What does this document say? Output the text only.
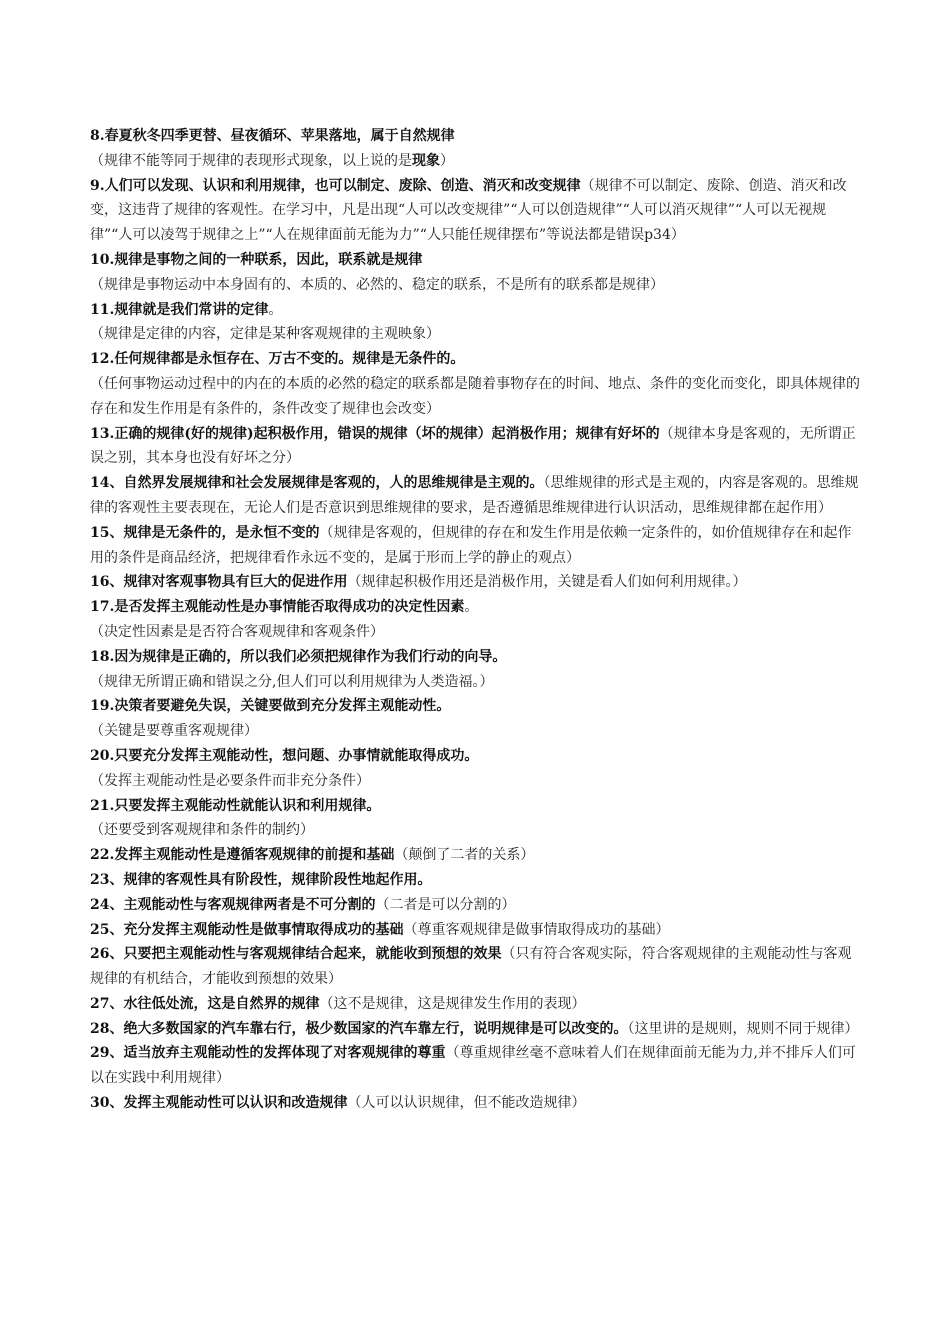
8.春夏秋冬四季更替、昼夜循环、苹果落地，属于自然规律

（规律不能等同于规律的表现形式现象，以上说的是现象）

9.人们可以发现、认识和利用规律，也可以制定、废除、创造、消灭和改变规律（规律不可以制定、废除、创造、消灭和改变，这违背了规律的客观性。在学习中，凡是出现“人可以改变规律”“人可以创造规律”“人可以消灭规律”“人可以无视规律”“人可以凌驾于规律之上”“人在规律面前无能为力”“人只能任规律摆布”等说法都是错误p34）

10.规律是事物之间的一种联系，因此，联系就是规律

（规律是事物运动中本身固有的、本质的、必然的、稳定的联系，不是所有的联系都是规律）

11.规律就是我们常讲的定律。

（规律是定律的内容，定律是某种客观规律的主观映象）

12.任何规律都是永恒存在、万古不变的。规律是无条件的。

（任何事物运动过程中的内在的本质的必然的稳定的联系都是随着事物存在的时间、地点、条件的变化而变化，即具体规律的存在和发生作用是有条件的，条件改变了规律也会改变）

13.正确的规律(好的规律)起积极作用，错误的规律（坏的规律）起消极作用；规律有好坏的（规律本身是客观的，无所谓正误之别，其本身也没有好坏之分）

14、自然界发展规律和社会发展规律是客观的，人的思维规律是主观的。（思维规律的形式是主观的，内容是客观的。思维规律的客观性主要表现在，无论人们是否意识到思维规律的要求，是否遵循思维规律进行认识活动，思维规律都在起作用）

15、规律是无条件的，是永恒不变的（规律是客观的，但规律的存在和发生作用是依赖一定条件的，如价值规律存在和起作用的条件是商品经济，把规律看作永远不变的，是属于形而上学的静止的观点）

16、规律对客观事物具有巨大的促进作用（规律起积极作用还是消极作用，关键是看人们如何利用规律。）

17.是否发挥主观能动性是办事情能否取得成功的决定性因素。

（决定性因素是是否符合客观规律和客观条件）

18.因为规律是正确的，所以我们必须把规律作为我们行动的向导。

（规律无所谓正确和错误之分,但人们可以利用规律为人类造福。）

19.决策者要避免失误，关键要做到充分发挥主观能动性。

（关键是要尊重客观规律）

20.只要充分发挥主观能动性，想问题、办事情就能取得成功。

（发挥主观能动性是必要条件而非充分条件）

21.只要发挥主观能动性就能认识和利用规律。

（还要受到客观规律和条件的制约）

22.发挥主观能动性是遵循客观规律的前提和基础（颠倒了二者的关系）

23、规律的客观性具有阶段性，规律阶段性地起作用。

24、主观能动性与客观规律两者是不可分割的（二者是可以分割的）

25、充分发挥主观能动性是做事情取得成功的基础（尊重客观规律是做事情取得成功的基础）

26、只要把主观能动性与客观规律结合起来，就能收到预想的效果（只有符合客观实际，符合客观规律的主观能动性与客观规律的有机结合，才能收到预想的效果）

27、水往低处流，这是自然界的规律（这不是规律，这是规律发生作用的表现）

28、绝大多数国家的汽车靠右行，极少数国家的汽车靠左行，说明规律是可以改变的。（这里讲的是规则，规则不同于规律）

29、适当放弃主观能动性的发挥体现了对客观规律的尊重（尊重规律丝毫不意味着人们在规律面前无能为力,并不排斥人们可以在实践中利用规律）

30、发挥主观能动性可以认识和改造规律（人可以认识规律，但不能改造规律）
